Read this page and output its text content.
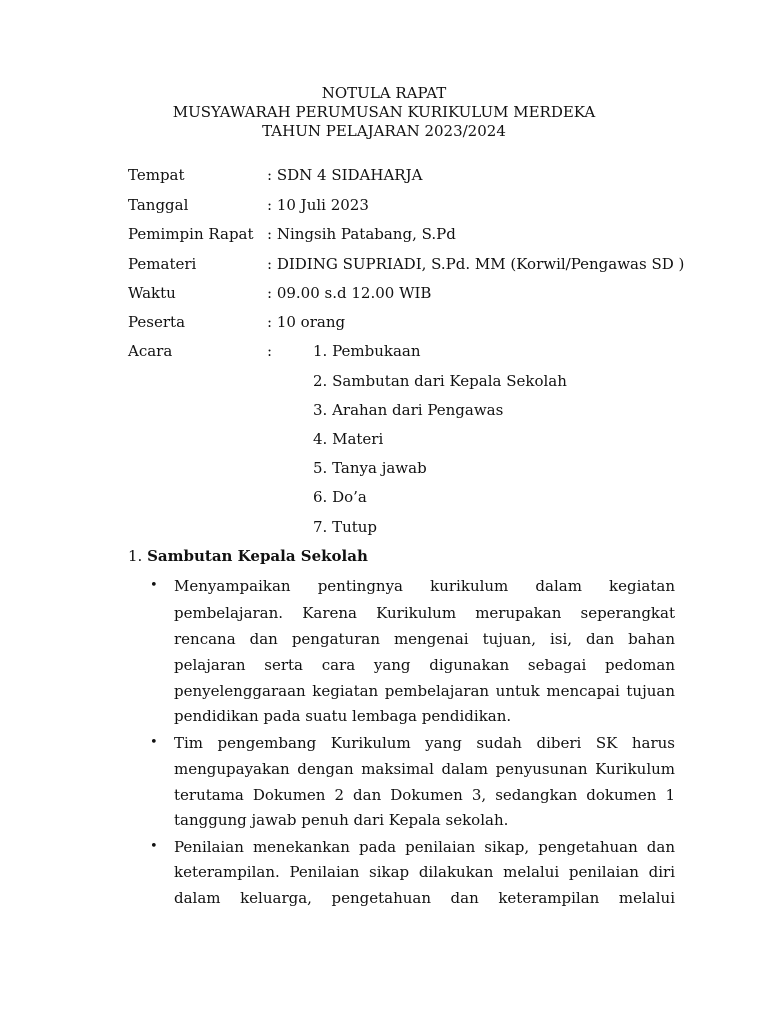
NOTULA RAPAT
MUSYAWARAH PERUMUSAN KURIKULUM MERDEKA
TAHUN PELAJARAN 2023/2024
Tempat	: SDN 4 SIDAHARJA
Tanggal	: 10 Juli 2023
Pemimpin Rapat : Ningsih Patabang, S.Pd
Pemateri	: DIDING SUPRIADI, S.Pd. MM (Korwil/Pengawas SD )
Waktu	: 09.00 s.d 12.00 WIB
Peserta	: 10 orang
Acara	:	1. Pembukaan
2. Sambutan dari Kepala Sekolah
3. Arahan dari Pengawas
4. Materi
5. Tanya jawab
6. Do’a
7. Tutup
1. Sambutan Kepala Sekolah
• Menyampaikan pentingnya kurikulum dalam kegiatan
pembelajaran. Karena Kurikulum merupakan seperangkat
rencana dan pengaturan mengenai tujuan, isi, dan bahan
pelajaran serta cara yang digunakan sebagai pedoman
penyelenggaraan kegiatan pembelajaran untuk mencapai tujuan
pendidikan pada suatu lembaga pendidikan.
• Tim pengembang Kurikulum yang sudah diberi SK harus
mengupayakan dengan maksimal dalam penyusunan Kurikulum
terutama Dokumen 2 dan Dokumen 3, sedangkan dokumen 1
tanggung jawab penuh dari Kepala sekolah.
• Penilaian menekankan pada penilaian sikap, pengetahuan dan
keterampilan. Penilaian sikap dilakukan melalui penilaian diri
dalam keluarga, pengetahuan dan keterampilan melalui
